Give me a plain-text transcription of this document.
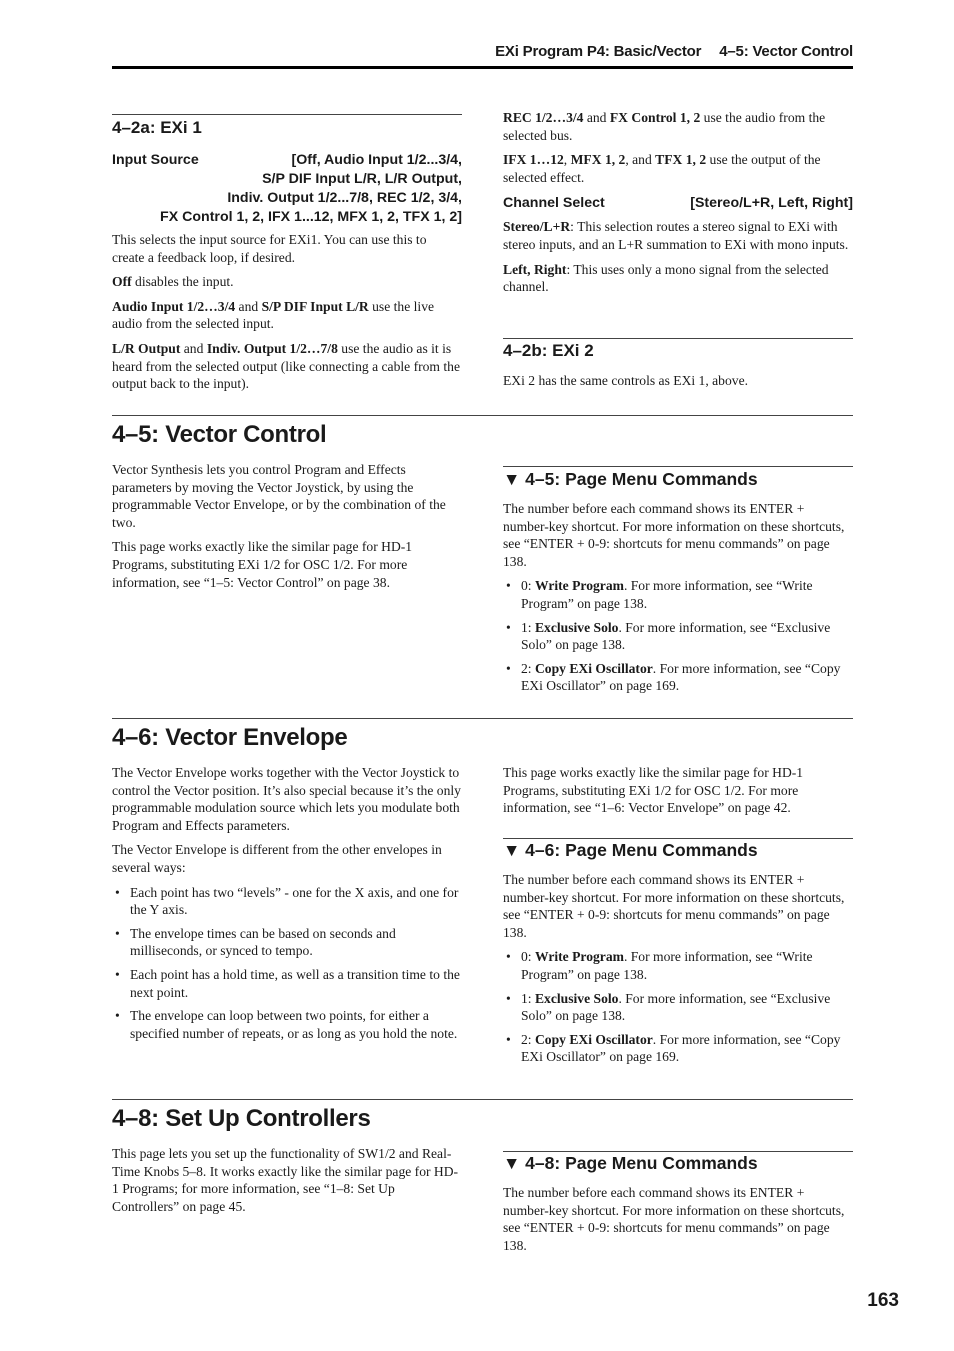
EXi Program P4: Basic/Vector 4–5: Vector Control
4–2a: EXi 1
Input Source	[Off, Audio Input 1/2...3/4,
S/P DIF Input L/R, L/R Output,
Indiv. Output 1/2...7/8, REC 1/2, 3/4,
FX Control 1, 2, IFX 1...12, MFX 1, 2, TFX 1, 2]

This selects the input source for EXi1. You can use this to create a feedback loop, if desired.

Off disables the input.

Audio Input 1/2…3/4 and S/P DIF Input L/R use the live audio from the selected input.

L/R Output and Indiv. Output 1/2…7/8 use the audio as it is heard from the selected output (like connecting a cable from the output back to the input).

REC 1/2…3/4 and FX Control 1, 2 use the audio from the selected bus.

IFX 1…12, MFX 1, 2, and TFX 1, 2 use the output of the selected effect.

Channel Select	[Stereo/L+R, Left, Right]

Stereo/L+R: This selection routes a stereo signal to EXi with stereo inputs, and an L+R summation to EXi with mono inputs.

Left, Right: This uses only a mono signal from the selected channel.

4–2b: EXi 2

EXi 2 has the same controls as EXi 1, above.

4–5: Vector Control

Vector Synthesis lets you control Program and Effects parameters by moving the Vector Joystick, by using the programmable Vector Envelope, or by the combination of the two.

This page works exactly like the similar page for HD-1 Programs, substituting EXi 1/2 for OSC 1/2. For more information, see “1–5: Vector Control” on page 38.

▼ 4–5: Page Menu Commands

The number before each command shows its ENTER + number-key shortcut. For more information on these shortcuts, see “ENTER + 0-9: shortcuts for menu commands” on page 138.

• 0: Write Program. For more information, see “Write Program” on page 138.
• 1: Exclusive Solo. For more information, see “Exclusive Solo” on page 138.
• 2: Copy EXi Oscillator. For more information, see “Copy EXi Oscillator” on page 169.
4–6: Vector Envelope

The Vector Envelope works together with the Vector Joystick to control the Vector position. It’s also special because it’s the only programmable modulation source which lets you modulate both Program and Effects parameters.

The Vector Envelope is different from the other envelopes in several ways:

• Each point has two “levels” - one for the X axis, and one for the Y axis.
• The envelope times can be based on seconds and milliseconds, or synced to tempo.
• Each point has a hold time, as well as a transition time to the next point.
• The envelope can loop between two points, for either a specified number of repeats, or as long as you hold the note.

This page works exactly like the similar page for HD-1 Programs, substituting EXi 1/2 for OSC 1/2. For more information, see “1–6: Vector Envelope” on page 42.

▼ 4–6: Page Menu Commands

The number before each command shows its ENTER + number-key shortcut. For more information on these shortcuts, see “ENTER + 0-9: shortcuts for menu commands” on page 138.

• 0: Write Program. For more information, see “Write Program” on page 138.
• 1: Exclusive Solo. For more information, see “Exclusive Solo” on page 138.
• 2: Copy EXi Oscillator. For more information, see “Copy EXi Oscillator” on page 169.
4–8: Set Up Controllers

This page lets you set up the functionality of SW1/2 and Real-Time Knobs 5–8. It works exactly like the similar page for HD-1 Programs; for more information, see “1–8: Set Up Controllers” on page 45.

▼ 4–8: Page Menu Commands

The number before each command shows its ENTER + number-key shortcut. For more information on these shortcuts, see “ENTER + 0-9: shortcuts for menu commands” on page 138.

163
